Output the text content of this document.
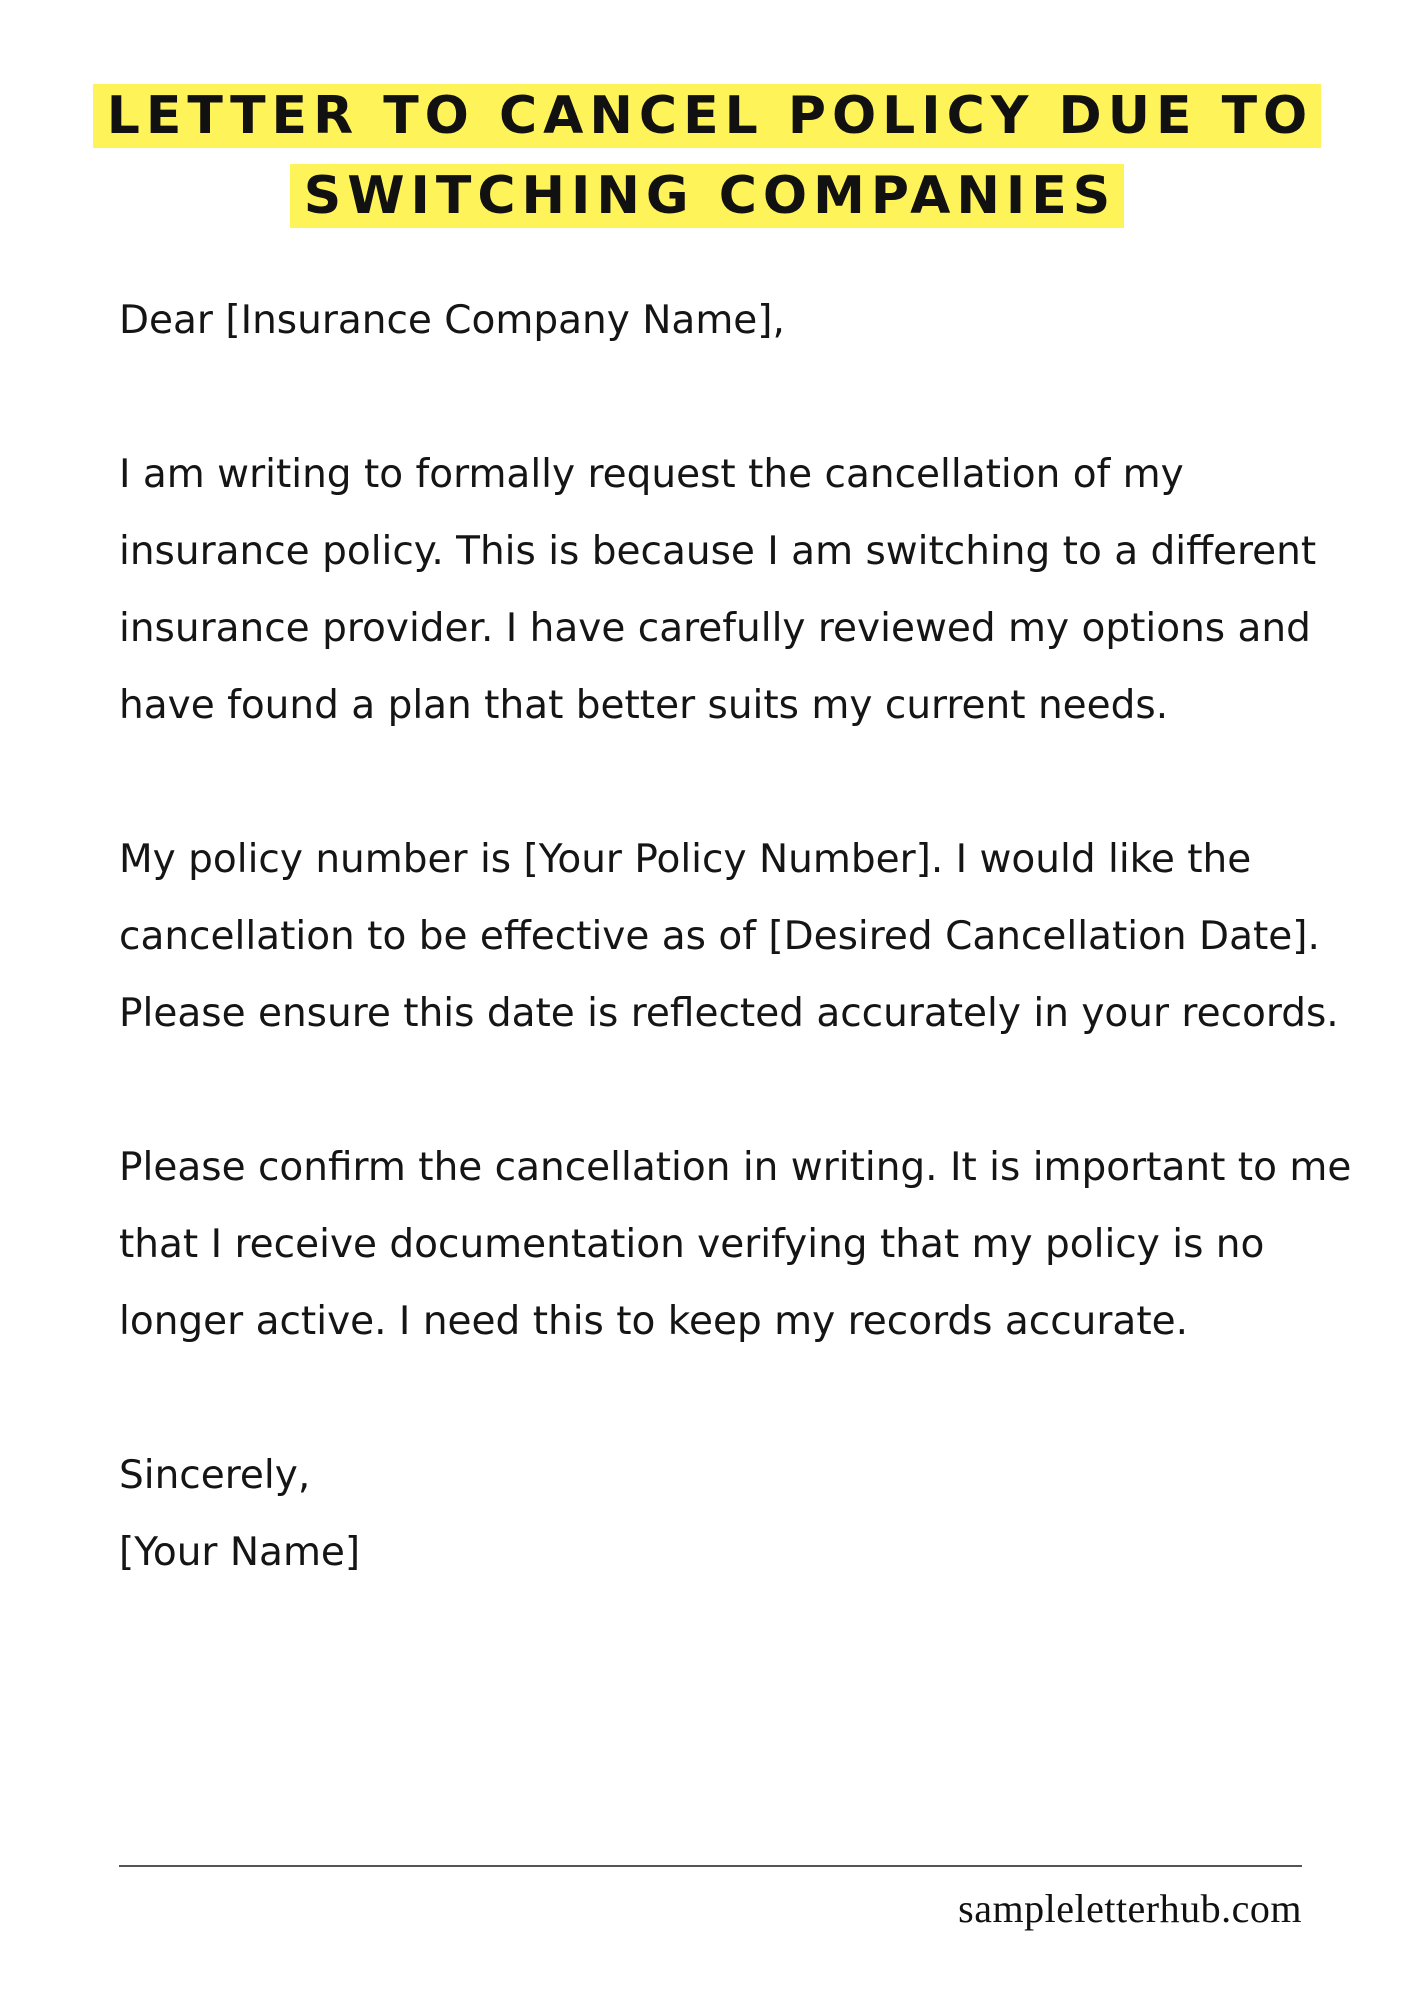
LETTER TO CANCEL POLICY DUE TO
SWITCHING COMPANIES

Dear [Insurance Company Name],

I am writing to formally request the cancellation of my insurance policy. This is because I am switching to a different insurance provider. I have carefully reviewed my options and have found a plan that better suits my current needs.

My policy number is [Your Policy Number]. I would like the cancellation to be effective as of [Desired Cancellation Date]. Please ensure this date is reflected accurately in your records.

Please confirm the cancellation in writing. It is important to me that I receive documentation verifying that my policy is no longer active. I need this to keep my records accurate.

Sincerely,

[Your Name]

sampleletterhub.com
